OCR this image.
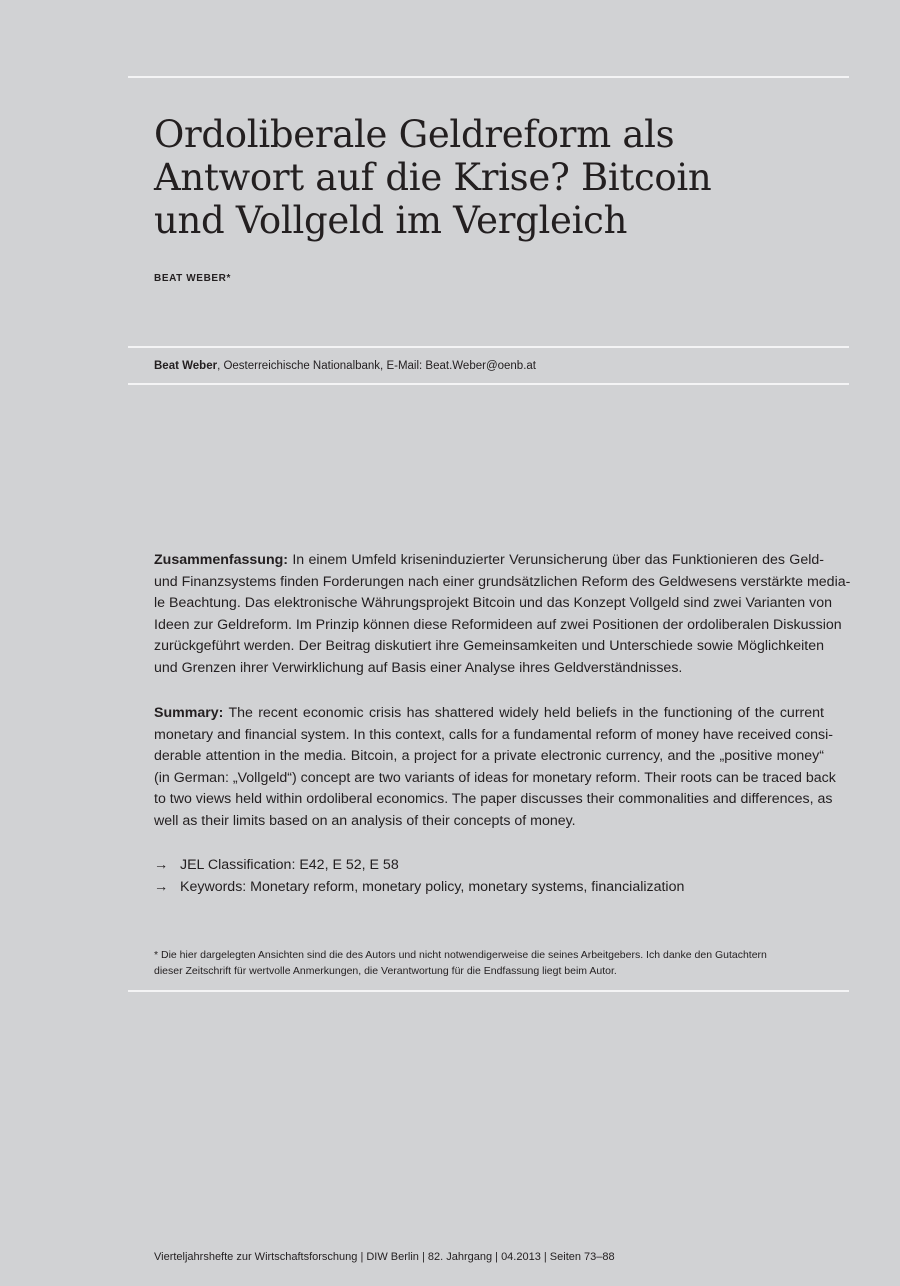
Ordoliberale Geldreform als
Antwort auf die Krise? Bitcoin
und Vollgeld im Vergleich
BEAT WEBER*
Beat Weber, Oesterreichische Nationalbank, E-Mail: Beat.Weber@oenb.at

Zusammenfassung: In einem Umfeld kriseninduzierter Verunsicherung über das Funktionieren des Geld-
und Finanzsystems finden Forderungen nach einer grundsätzlichen Reform des Geldwesens verstärkte media-
le Beachtung. Das elektronische Währungsprojekt Bitcoin und das Konzept Vollgeld sind zwei Varianten von
Ideen zur Geldreform. Im Prinzip können diese Reformideen auf zwei Positionen der ordoliberalen Diskussion
zurückgeführt werden. Der Beitrag diskutiert ihre Gemeinsamkeiten und Unterschiede sowie Möglichkeiten
und Grenzen ihrer Verwirklichung auf Basis einer Analyse ihres Geldverständnisses.

Summary: The recent economic crisis has shattered widely held beliefs in the functioning of the current
monetary and financial system. In this context, calls for a fundamental reform of money have received consi-
derable attention in the media. Bitcoin, a project for a private electronic currency, and the „positive money“
(in German: „Vollgeld“) concept are two variants of ideas for monetary reform. Their roots can be traced back
to two views held within ordoliberal economics. The paper discusses their commonalities and differences, as
well as their limits based on an analysis of their concepts of money.

→ JEL Classification: E42, E 52, E 58
→ Keywords: Monetary reform, monetary policy, monetary systems, financialization
* Die hier dargelegten Ansichten sind die des Autors und nicht notwendigerweise die seines Arbeitgebers. Ich danke den Gutachtern
dieser Zeitschrift für wertvolle Anmerkungen, die Verantwortung für die Endfassung liegt beim Autor.
Vierteljahrshefte zur Wirtschaftsforschung | DIW Berlin | 82. Jahrgang | 04.2013 | Seiten 73–88
